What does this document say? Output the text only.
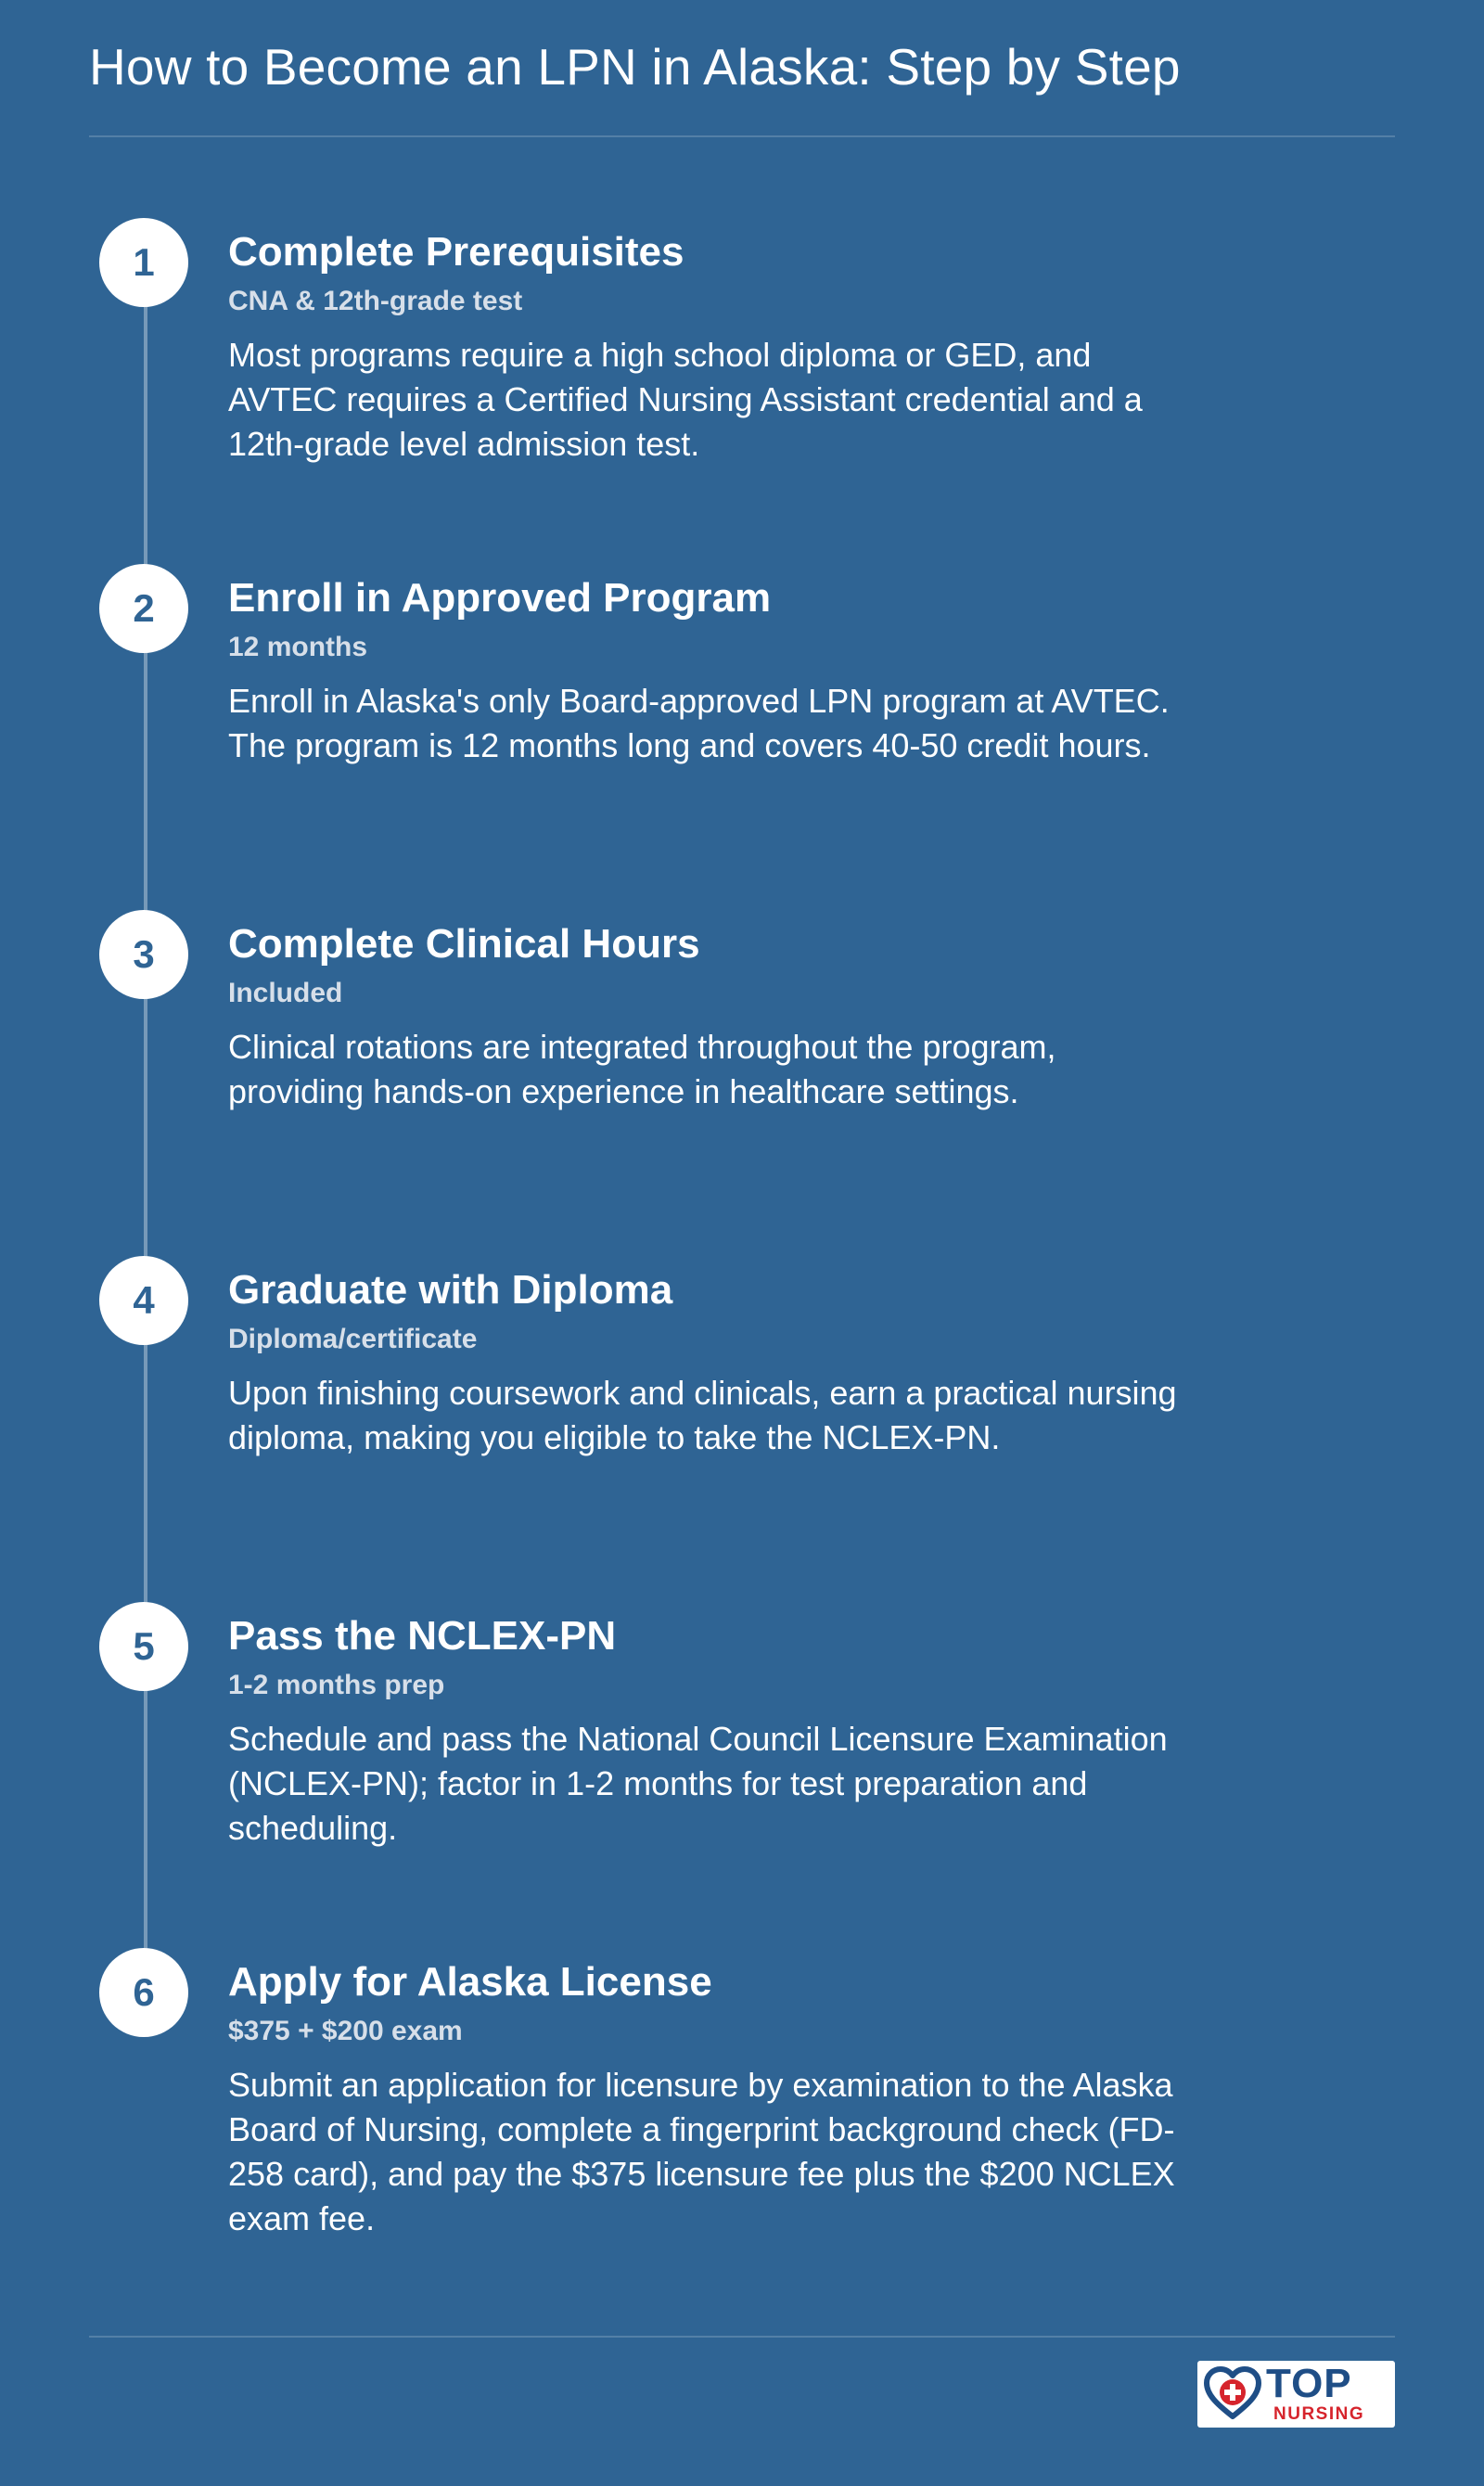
How to Become an LPN in Alaska: Step by Step
1	Complete Prerequisites
CNA & 12th-grade test
Most programs require a high school diploma or GED, and AVTEC requires a Certified Nursing Assistant credential and a 12th-grade level admission test.
2	Enroll in Approved Program
12 months
Enroll in Alaska's only Board-approved LPN program at AVTEC. The program is 12 months long and covers 40-50 credit hours.
3	Complete Clinical Hours
Included
Clinical rotations are integrated throughout the program, providing hands-on experience in healthcare settings.
4	Graduate with Diploma
Diploma/certificate
Upon finishing coursework and clinicals, earn a practical nursing diploma, making you eligible to take the NCLEX-PN.
5	Pass the NCLEX-PN
1-2 months prep
Schedule and pass the National Council Licensure Examination (NCLEX-PN); factor in 1-2 months for test preparation and scheduling.
6	Apply for Alaska License
$375 + $200 exam
Submit an application for licensure by examination to the Alaska Board of Nursing, complete a fingerprint background check (FD-258 card), and pay the $375 licensure fee plus the $200 NCLEX exam fee.
TOP
NURSING
